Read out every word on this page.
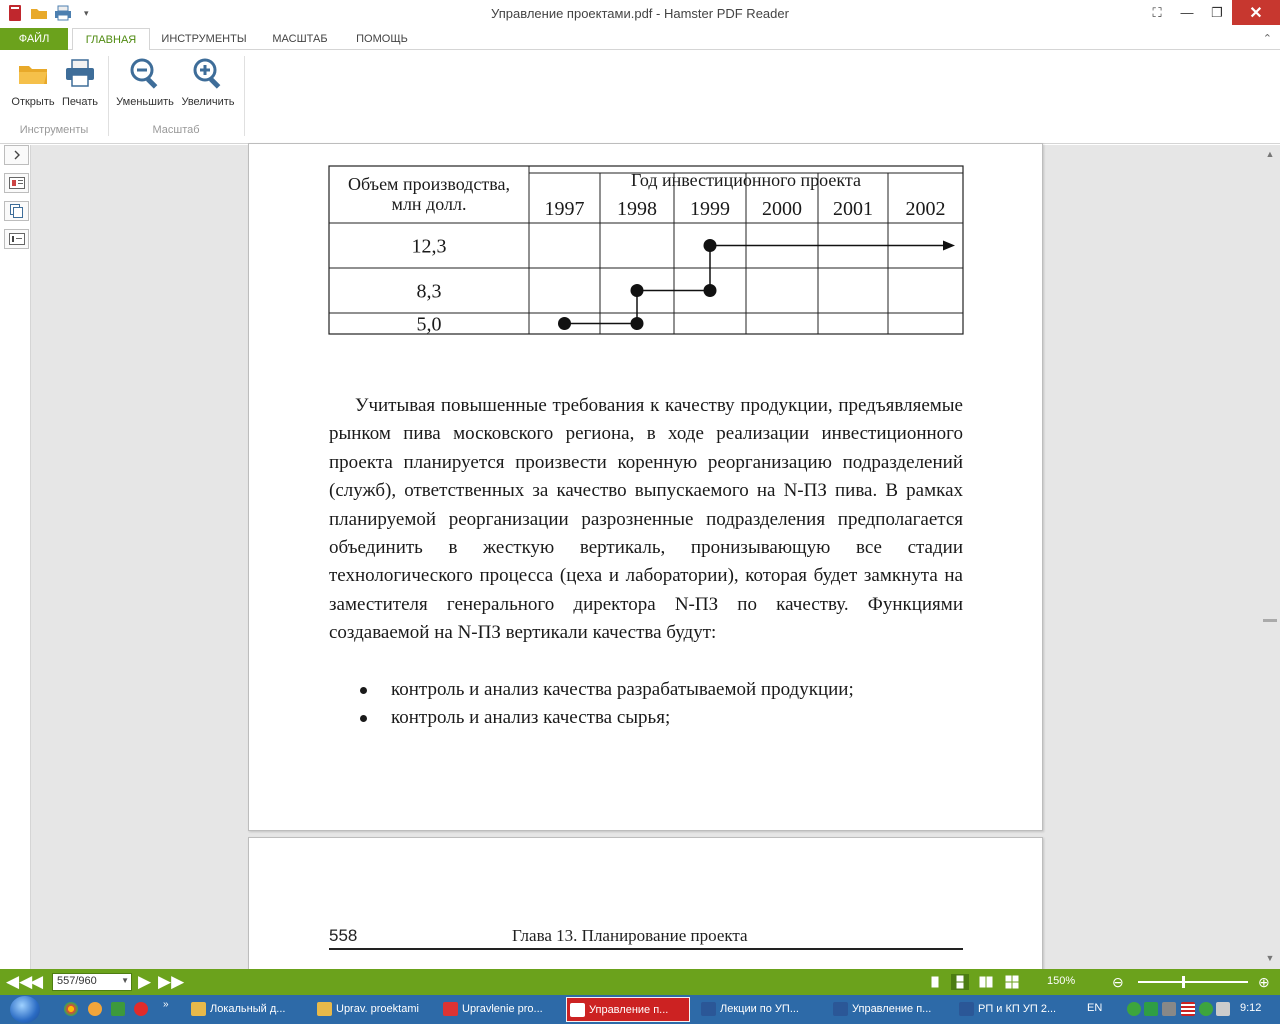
▾	Управление проектами.pdf - Hamster PDF Reader	⛶	—	❐	✕
ФАЙЛ	ГЛАВНАЯ	ИНСТРУМЕНТЫ	МАСШТАБ	ПОМОЩЬ	⌃
Открыть Печать	Уменьшить Увеличить
Инструменты	Масштаб
Объем производства,
млн долл.
Год инвестиционного проекта
1997 1998 1999 2000 2001 2002
12,3
8,3
5,0

Учитывая повышенные требования к качеству продукции, предъявляемые рынком пива московского региона, в ходе реализации инвестиционного проекта планируется произвести коренную реорганизацию подразделений (служб), ответственных за качество выпускаемого на N-ПЗ пива. В рамках планируемой реорганизации разрозненные подразделения предполагается объединить в жесткую вертикаль, пронизывающую все стадии технологического процесса (цеха и лаборатории), которая будет замкнута на заместителя генерального директора N-ПЗ по качеству. Функциями создаваемой на N-ПЗ вертикали качества будут:

контроль и анализ качества разрабатываемой продукции;
контроль и анализ качества сырья;
558	Глава 13. Планирование проекта
▲
▼
◀◀
◀	557/960	▼ ▶ ▶▶	150%	⊖	⊕
»	Локальный д...	Uprav. proektami	Upravlenie pro...	Управление п...	Лекции по УП...	Управление п...	РП и КП УП 2...	EN	9:12
